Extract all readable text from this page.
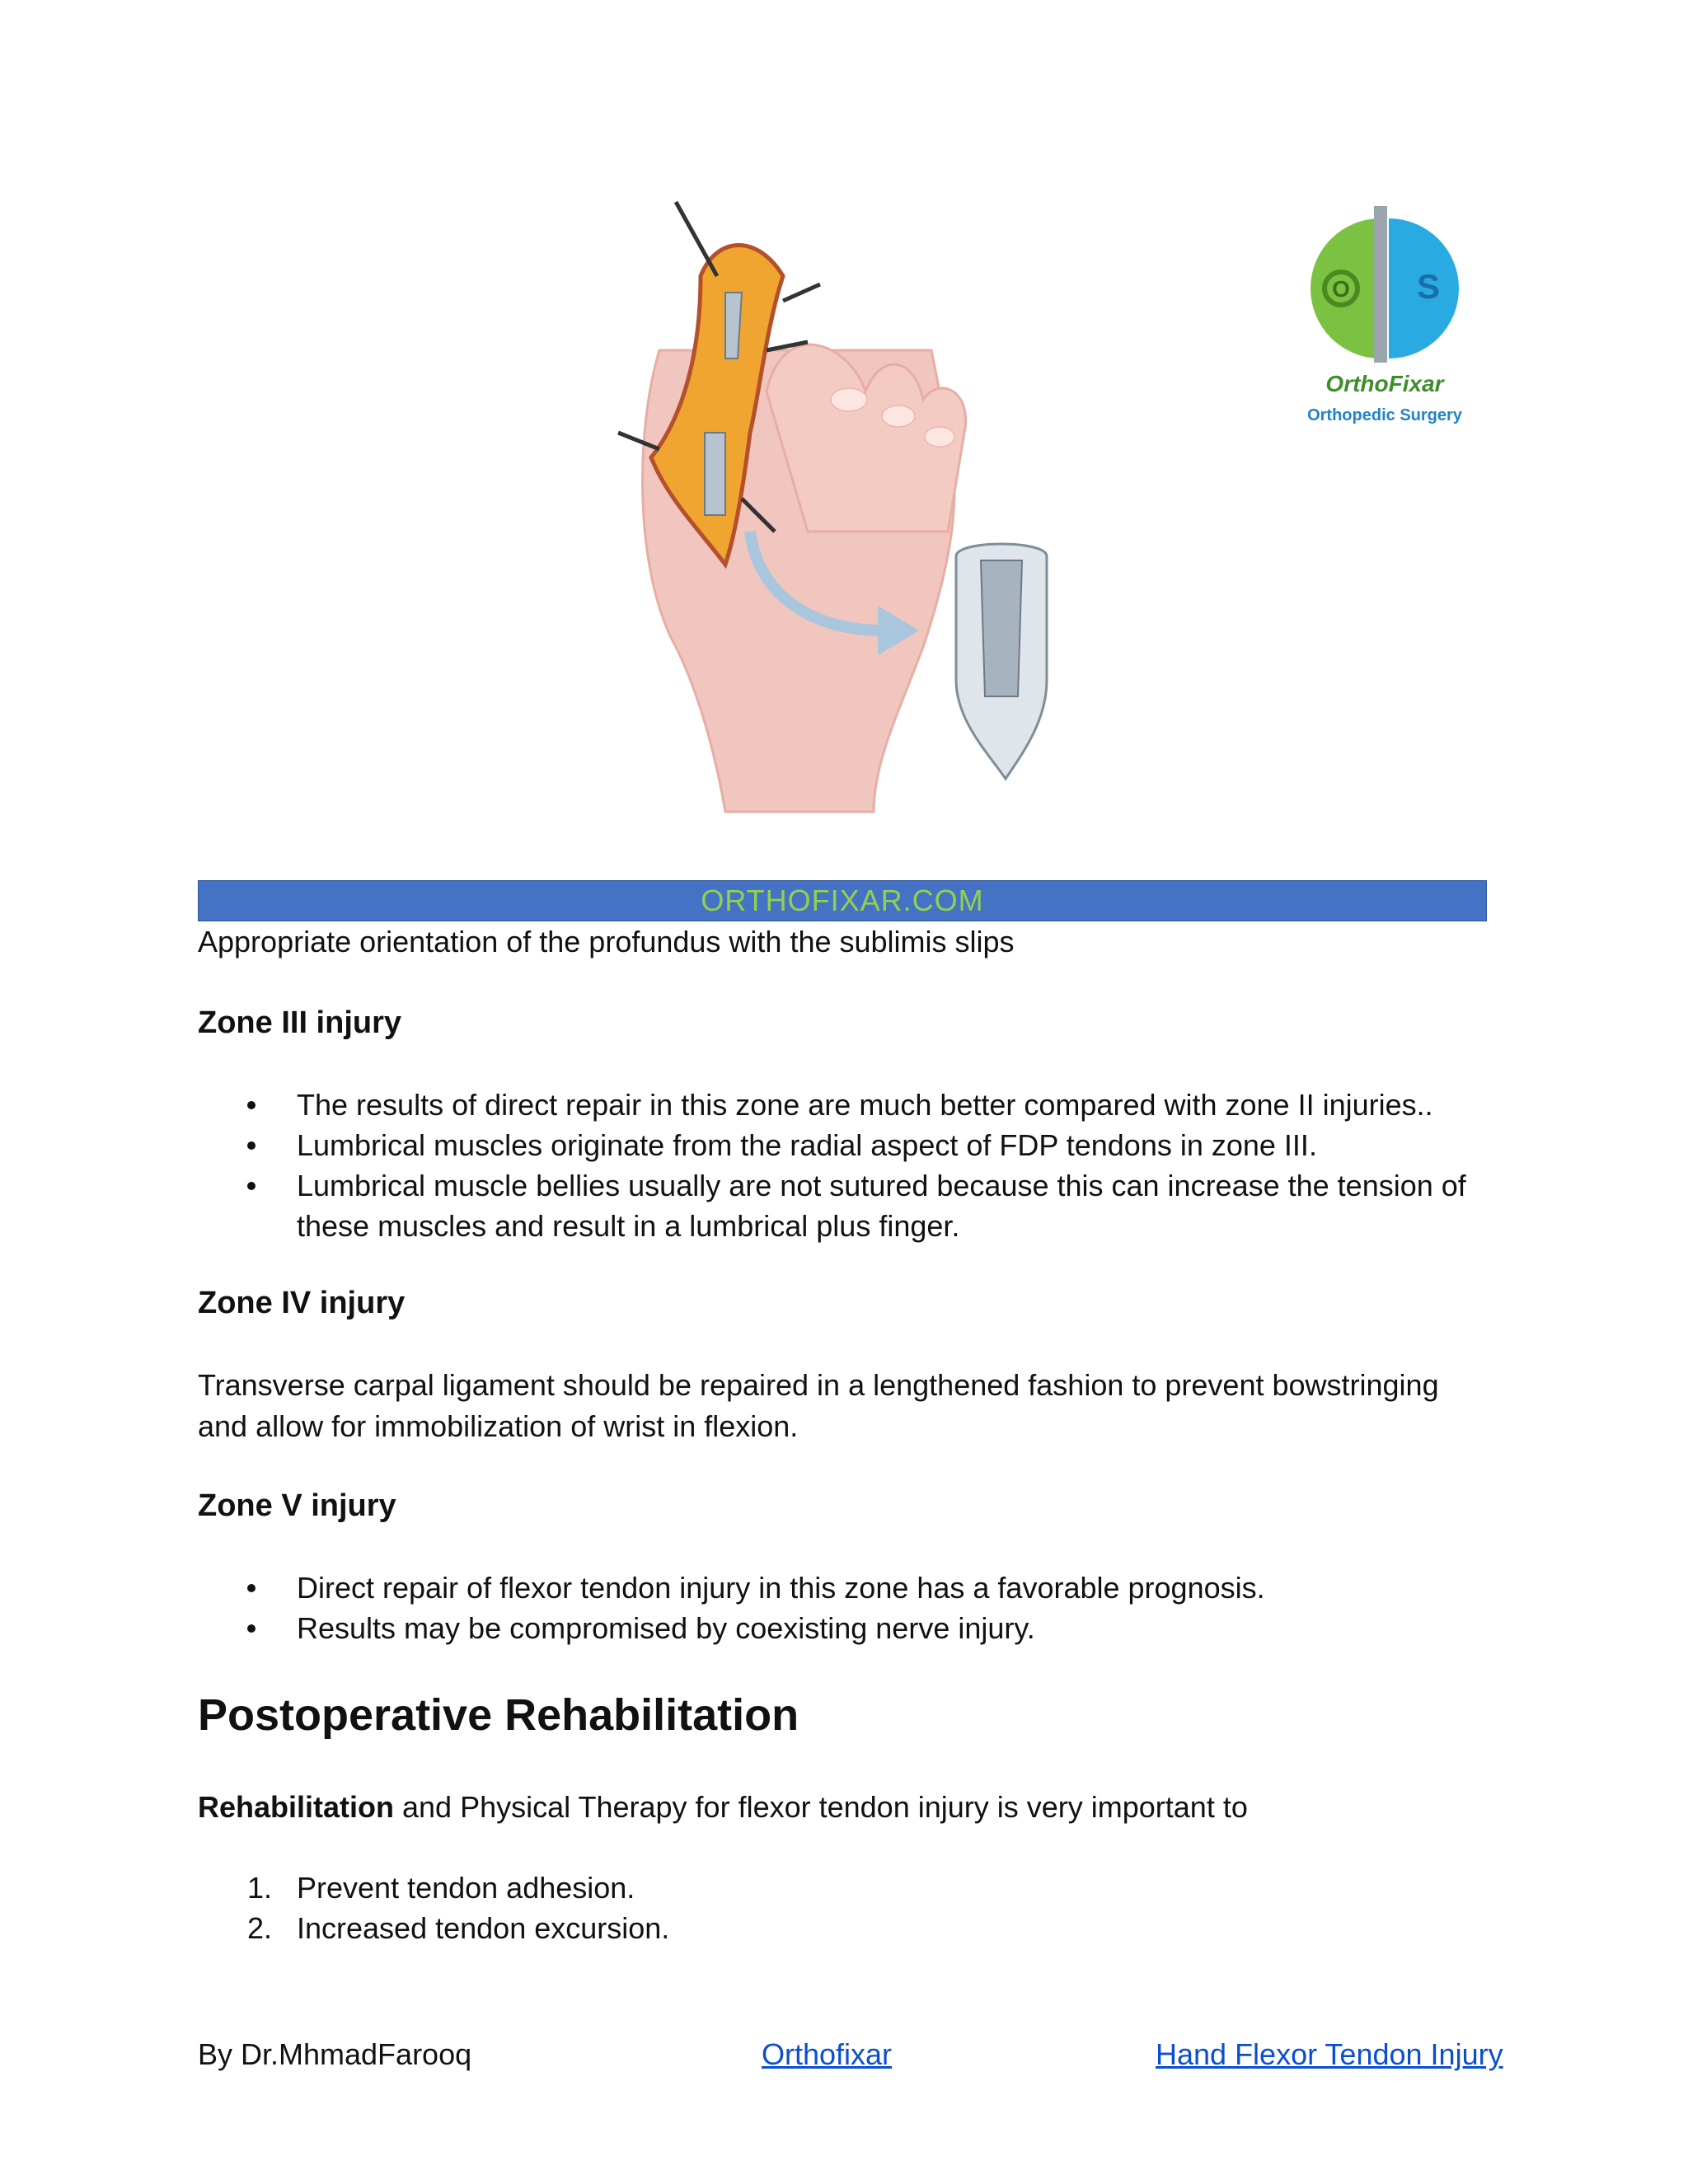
O S
OrthoFixar
Orthopedic Surgery
ORTHOFIXAR.COM
Appropriate orientation of the profundus with the sublimis slips
Zone III injury
The results of direct repair in this zone are much better compared with zone II injuries..
Lumbrical muscles originate from the radial aspect of FDP tendons in zone III.
Lumbrical muscle bellies usually are not sutured because this can increase the tension of these muscles and result in a lumbrical plus finger.
Zone IV injury
Transverse carpal ligament should be repaired in a lengthened fashion to prevent bowstringing and allow for immobilization of wrist in flexion.
Zone V injury
Direct repair of flexor tendon injury in this zone has a favorable prognosis.
Results may be compromised by coexisting nerve injury.
Postoperative Rehabilitation
Rehabilitation and Physical Therapy for flexor tendon injury is very important to
1. Prevent tendon adhesion.
2. Increased tendon excursion.
By Dr.MhmadFarooq	Orthofixar	Hand Flexor Tendon Injury
